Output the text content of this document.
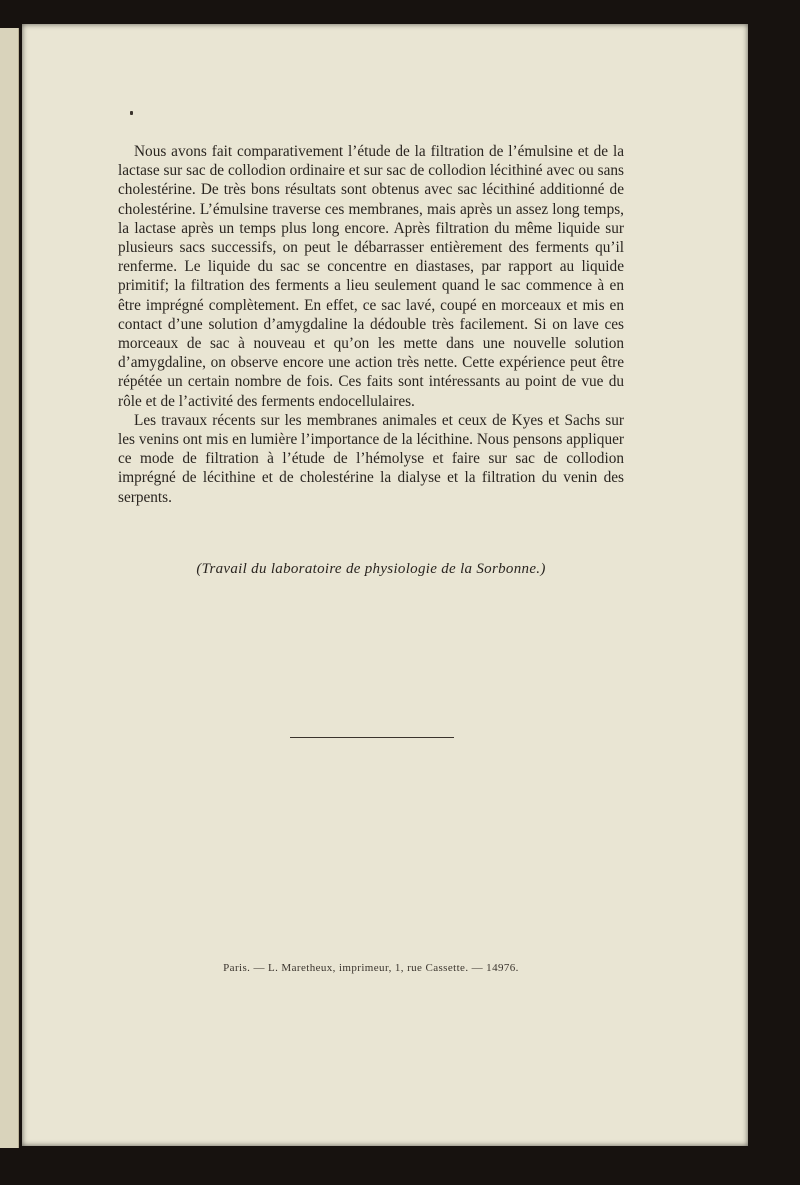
Nous avons fait comparativement l’étude de la filtration de l’émulsine et de la lactase sur sac de collodion ordinaire et sur sac de collodion lécithiné avec ou sans cholestérine. De très bons résultats sont obtenus avec sac lécithiné additionné de cholestérine. L’émulsine traverse ces membranes, mais après un assez long temps, la lactase après un temps plus long encore. Après filtration du même liquide sur plusieurs sacs successifs, on peut le débarrasser entièrement des ferments qu’il renferme. Le liquide du sac se concentre en diastases, par rapport au liquide primitif; la filtration des ferments a lieu seulement quand le sac commence à en être imprégné complètement. En effet, ce sac lavé, coupé en morceaux et mis en contact d’une solution d’amygdaline la dédouble très facilement. Si on lave ces morceaux de sac à nouveau et qu’on les mette dans une nouvelle solution d’amygdaline, on observe encore une action très nette. Cette expérience peut être répétée un certain nombre de fois. Ces faits sont intéressants au point de vue du rôle et de l’activité des ferments endocellulaires.

Les travaux récents sur les membranes animales et ceux de Kyes et Sachs sur les venins ont mis en lumière l’importance de la lécithine. Nous pensons appliquer ce mode de filtration à l’étude de l’hémolyse et faire sur sac de collodion imprégné de lécithine et de cholestérine la dialyse et la filtration du venin des serpents.

(Travail du laboratoire de physiologie de la Sorbonne.)
Paris. — L. Maretheux, imprimeur, 1, rue Cassette. — 14976.
